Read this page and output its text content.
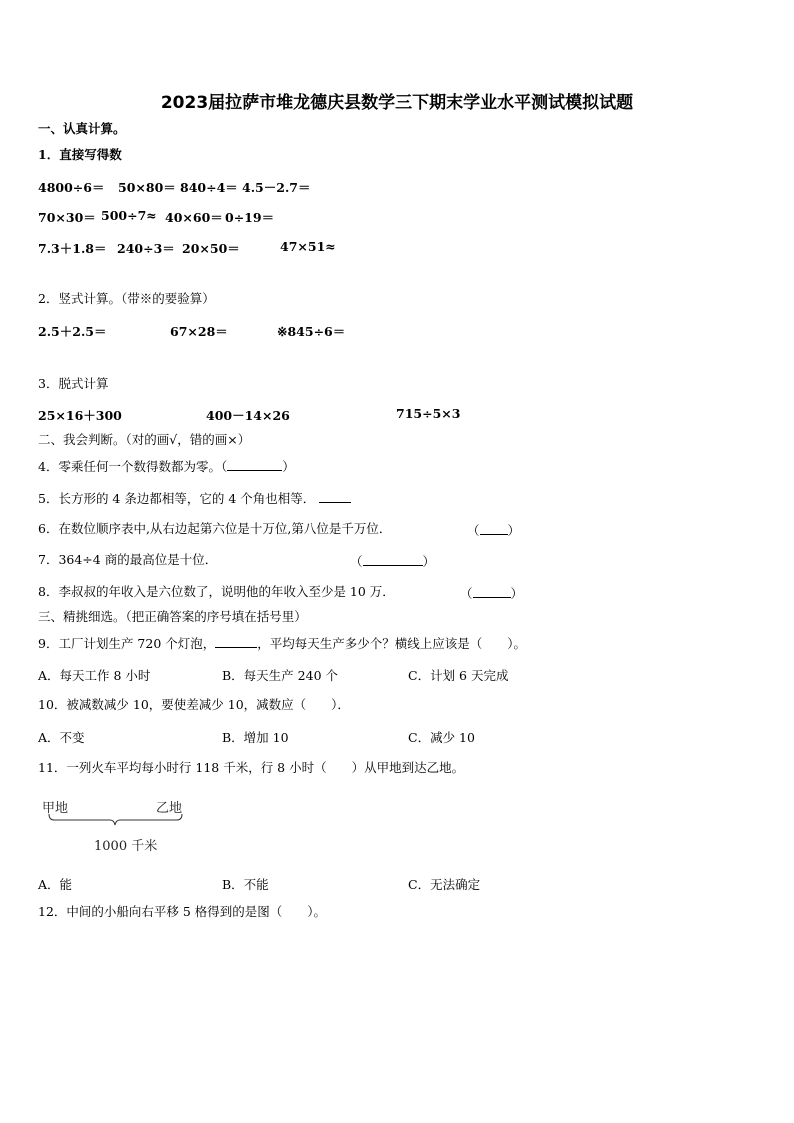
2023届拉萨市堆龙德庆县数学三下期末学业水平测试模拟试题
一、认真计算。
1．直接写得数
4800÷6＝ 50×80＝ 840÷4＝ 4.5－2.7＝
70×30＝ 500÷7≈ 40×60＝ 0÷19＝
7.3＋1.8＝ 240÷3＝ 20×50＝	47×51≈
2．竖式计算。（带※的要验算）
2.5＋2.5＝	67×28＝	※845÷6＝
3．脱式计算
25×16＋300	400－14×26	715÷5×3
二、我会判断。（对的画√，错的画×）
4．零乘任何一个数得数都为零。（	）
5．长方形的 4 条边都相等，它的 4 个角也相等．
6．在数位顺序表中,从右边起第六位是十万位,第八位是千万位．	（ ）
7．364÷4 商的最高位是十位．	（	）
8．李叔叔的年收入是六位数了，说明他的年收入至少是 10 万．	（	）
三、精挑细选。（把正确答案的序号填在括号里）
9．工厂计划生产 720 个灯泡，	，平均每天生产多少个？横线上应该是（　　）。
A．每天工作 8 小时	B．每天生产 240 个	C．计划 6 天完成
10．被减数减少 10，要使差减少 10，减数应（　　）．
A．不变	B．增加 10	C．减少 10
11．一列火车平均每小时行 118 千米，行 8 小时（　　）从甲地到达乙地。
甲地	乙地
1000 千米
A．能	B．不能	C．无法确定
12．中间的小船向右平移 5 格得到的是图（　　）。
